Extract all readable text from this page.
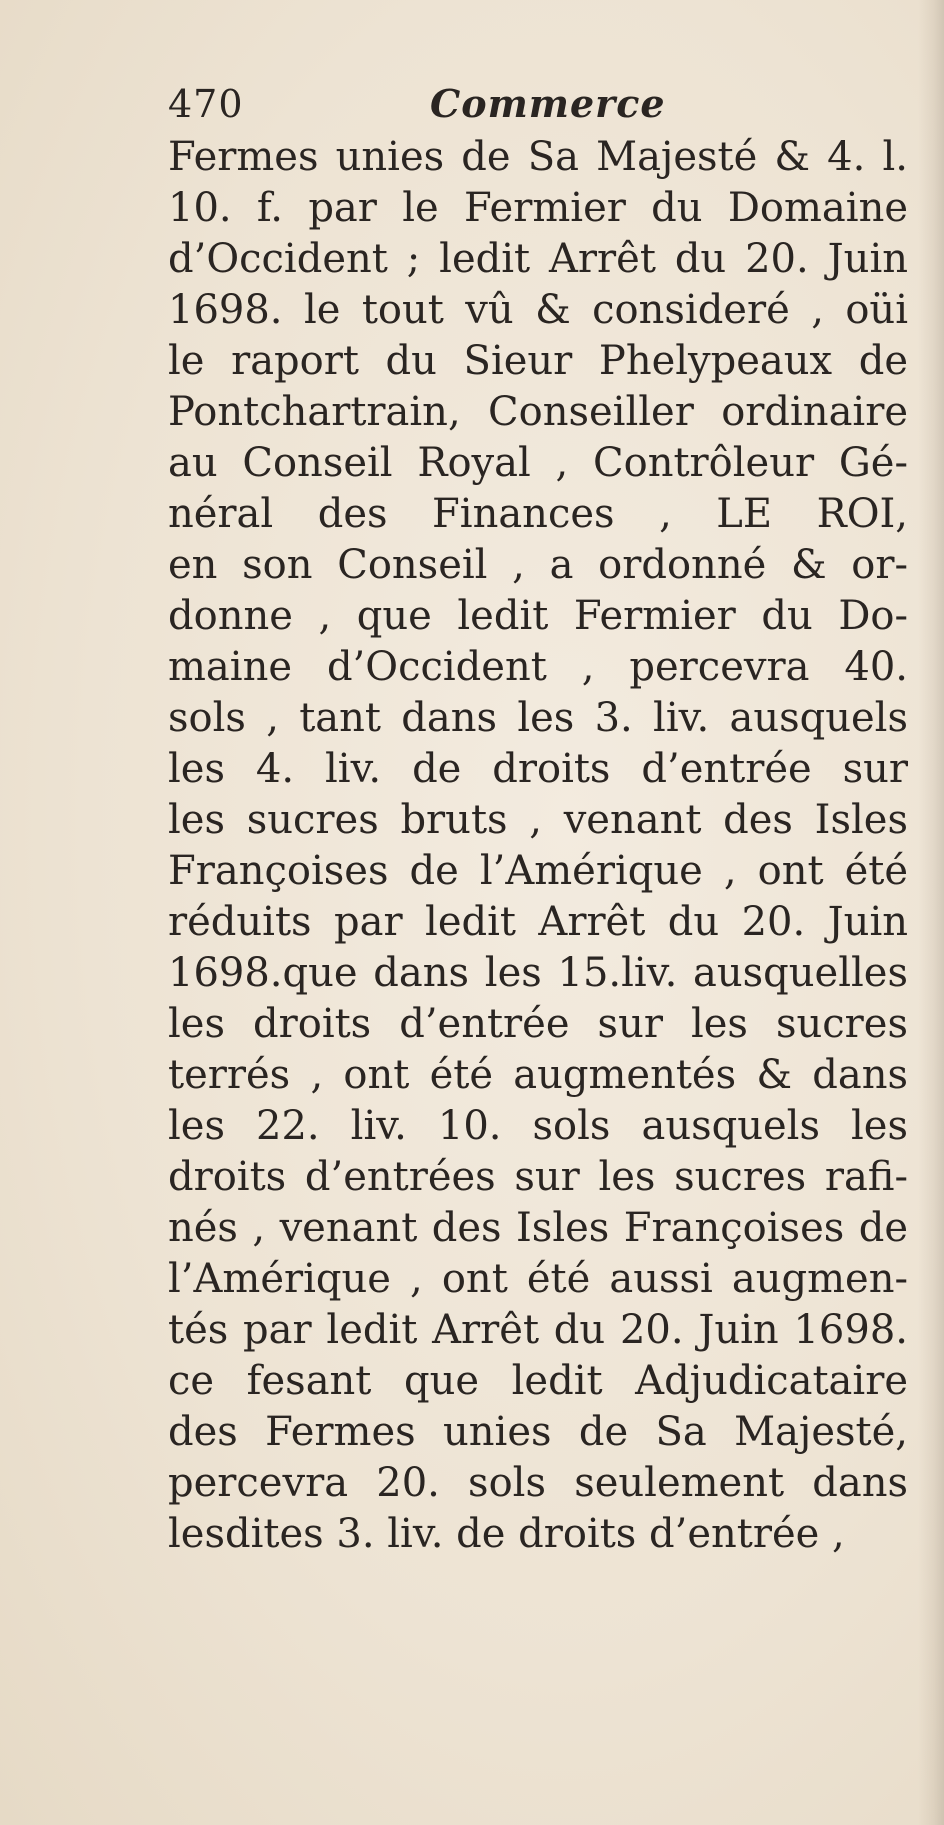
470	Commerce
Fermes unies de Sa Majesté & 4. l.
10. f. par le Fermier du Domaine
d’Occident ; ledit Arrêt du 20. Juin
1698. le tout vû & consideré , oüi
le raport du Sieur Phelypeaux de
Pontchartrain, Conseiller ordinaire
au Conseil Royal , Contrôleur Gé-
néral des Finances , LE ROI,
en son Conseil , a ordonné & or-
donne , que ledit Fermier du Do-
maine d’Occident , percevra 40.
sols , tant dans les 3. liv. ausquels
les 4. liv. de droits d’entrée sur
les sucres bruts , venant des Isles
Françoises de l’Amérique , ont été
réduits par ledit Arrêt du 20. Juin
1698.que dans les 15.liv. ausquelles
les droits d’entrée sur les sucres
terrés , ont été augmentés & dans
les 22. liv. 10. sols ausquels les
droits d’entrées sur les sucres rafi-
nés , venant des Isles Françoises de
l’Amérique , ont été aussi augmen-
tés par ledit Arrêt du 20. Juin 1698.
ce fesant que ledit Adjudicataire
des Fermes unies de Sa Majesté,
percevra 20. sols seulement dans
lesdites 3. liv. de droits d’entrée ,
